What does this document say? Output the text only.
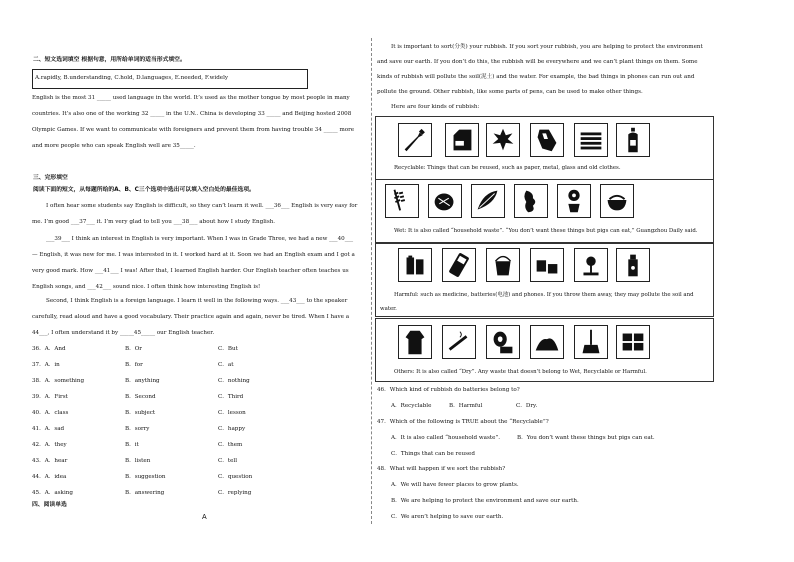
二、短文选词填空 根据句意，用所给单词的适当形式填空。
A.rapidly, B.understanding, C.hold, D.languages, E.needed, F.widely
English is the most 31 _____ used language in the world. It’s used as the mother tongue by most people in many
countries. It’s also one of the working 32 _____ in the U.N.. China is developing 33 _____ and Beijing hosted 2008
Olympic Games. If we want to communicate with foreigners and prevent them from having trouble 34 _____ more
and more people who can speak English well are 35_____.
三、完形填空
阅读下面的短文，从每题所给的A、B、C三个选项中选出可以填入空白处的最佳选项。
I often hear some students say English is difficult, so they can’t learn it well. ___36___ English is very easy for
me. I’m good ___37___ it. I’m very glad to tell you ___38___ about how I study English.
___39___ I think an interest in English is very important. When I was in Grade Three, we had a new ___40___
— English, it was new for me. I was interested in it. I worked hard at it. Soon we had an English exam and I got a
very good mark. How ___41___ I was! After that, I learned English harder. Our English teacher often teaches us
English songs, and ___42___ sound nice. I often think how interesting English is!
Second, I think English is a foreign language. I learn it well in the following ways. ___43___ to the speaker
carefully, read aloud and have a good vocabulary. Their practice again and again, never be tired. When I have a
44___, I often understand it by _____45_____ our English teacher.
36．A．And	B．Or	C．But
37．A．in	B．for	C．at
38．A．something	B．anything	C．nothing
39．A．First	B．Second	C．Third
40．A．class	B．subject	C．lesson
41．A．sad	B．sorry	C．happy
42．A．they	B．it	C．them
43．A．hear	B．listen	C．tell
44．A．idea	B．suggestion	C．question
45．A．asking	B．answering	C．replying
四、阅读单选
A
It is important to sort(分类) your rubbish. If you sort your rubbish, you are helping to protect the environment
and save our earth. If you don’t do this, the rubbish will be everywhere and we can’t plant things on them. Some
kinds of rubbish will pollute the soil(泥土) and the water. For example, the bad things in phones can run out and
pollute the ground. Other rubbish, like some parts of pens, can be used to make other things.
Here are four kinds of rubbish:
Recyclable: Things that can be reused, such as paper, metal, glass and old clothes.
Wet: It is also called “household waste”. “You don’t want these things but pigs can eat,” Guangzhou Daily said.
Harmful: such as medicine, batteries(电池) and phones. If you throw them away, they may pollute the soil and
water.
Others: It is also called “Dry”. Any waste that doesn’t belong to Wet, Recyclable or Harmful.
46．Which kind of rubbish do batteries belong to?
A．Recyclable	B．Harmful	C．Dry.
47．Which of the following is TRUE about the “Recyclable”?
A．It is also called “household waste”.	B．You don’t want these things but pigs can eat.
C．Things that can be reused
48．What will happen if we sort the rubbish?
A．We will have fewer places to grow plants.
B．We are helping to protect the environment and save our earth.
C．We aren’t helping to save our earth.
